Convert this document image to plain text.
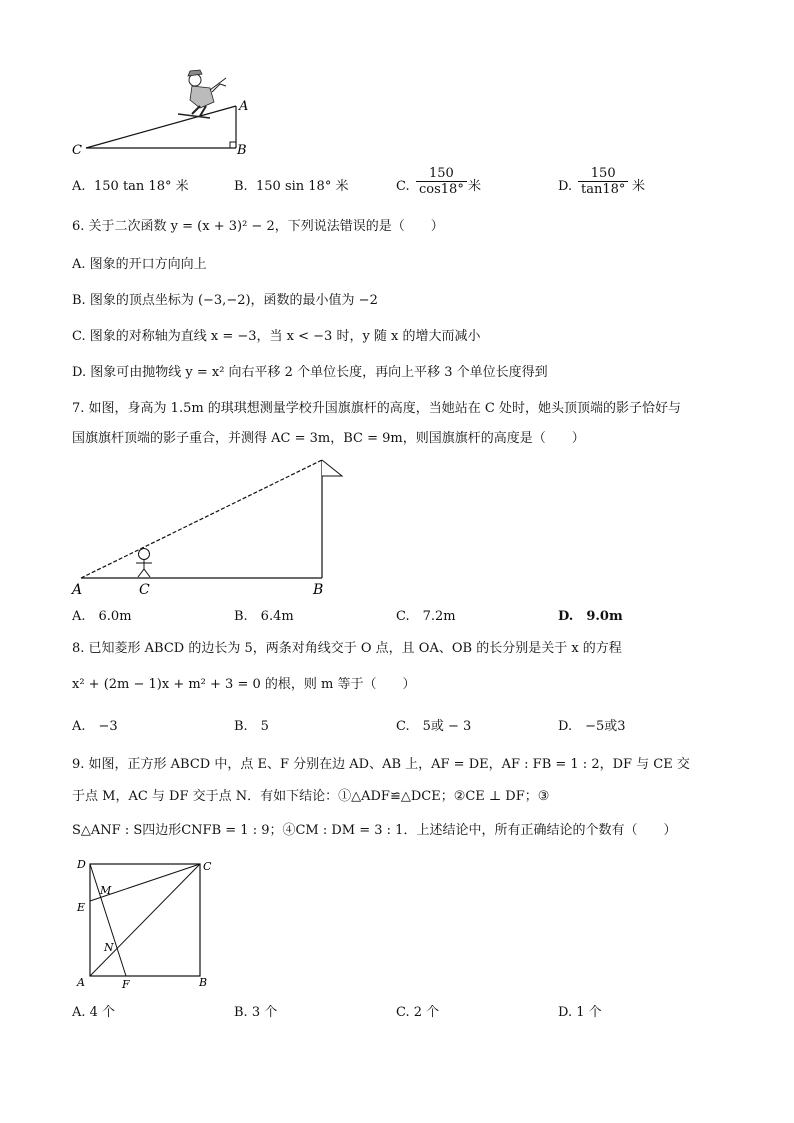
A
B
C
A. 150 tan 18° 米	B. 150 sin 18° 米	C. $\frac{150}{\cos 18^\circ}$ 米	D. $\frac{150}{\tan 18^\circ}$ 米
6. 关于二次函数 y = (x + 3)² − 2，下列说法错误的是（　　）
A. 图象的开口方向向上
B. 图象的顶点坐标为 (−3,−2)，函数的最小值为 −2
C. 图象的对称轴为直线 x = −3，当 x < −3 时，y 随 x 的增大而减小
D. 图象可由抛物线 y = x² 向右平移 2 个单位长度，再向上平移 3 个单位长度得到
7. 如图，身高为 1.5m 的琪琪想测量学校升国旗旗杆的高度，当她站在 C 处时，她头顶顶端的影子恰好与
国旗旗杆顶端的影子重合，并测得 AC = 3m，BC = 9m，则国旗旗杆的高度是（　　）
A	C	B
A.　6.0m	B.　6.4m	C.　7.2m	D.　9.0m
8. 已知菱形 ABCD 的边长为 5，两条对角线交于 O 点，且 OA、OB 的长分别是关于 x 的方程
x² + (2m − 1)x + m² + 3 = 0 的根，则 m 等于（　　）
A.　−3	B.　5	C.　5或 − 3	D.　−5或3
9. 如图，正方形 ABCD 中，点 E、F 分别在边 AD、AB 上，AF = DE，AF : FB = 1 : 2，DF 与 CE 交
于点 M，AC 与 DF 交于点 N．有如下结论：①△ADF≌△DCE；②CE ⊥ DF；③
S△ANF : S四边形CNFB = 1 : 9；④CM : DM = 3 : 1．上述结论中，所有正确结论的个数有（　　）
D	C
M
E
N
A	F	B
A. 4 个	B. 3 个	C. 2 个	D. 1 个
